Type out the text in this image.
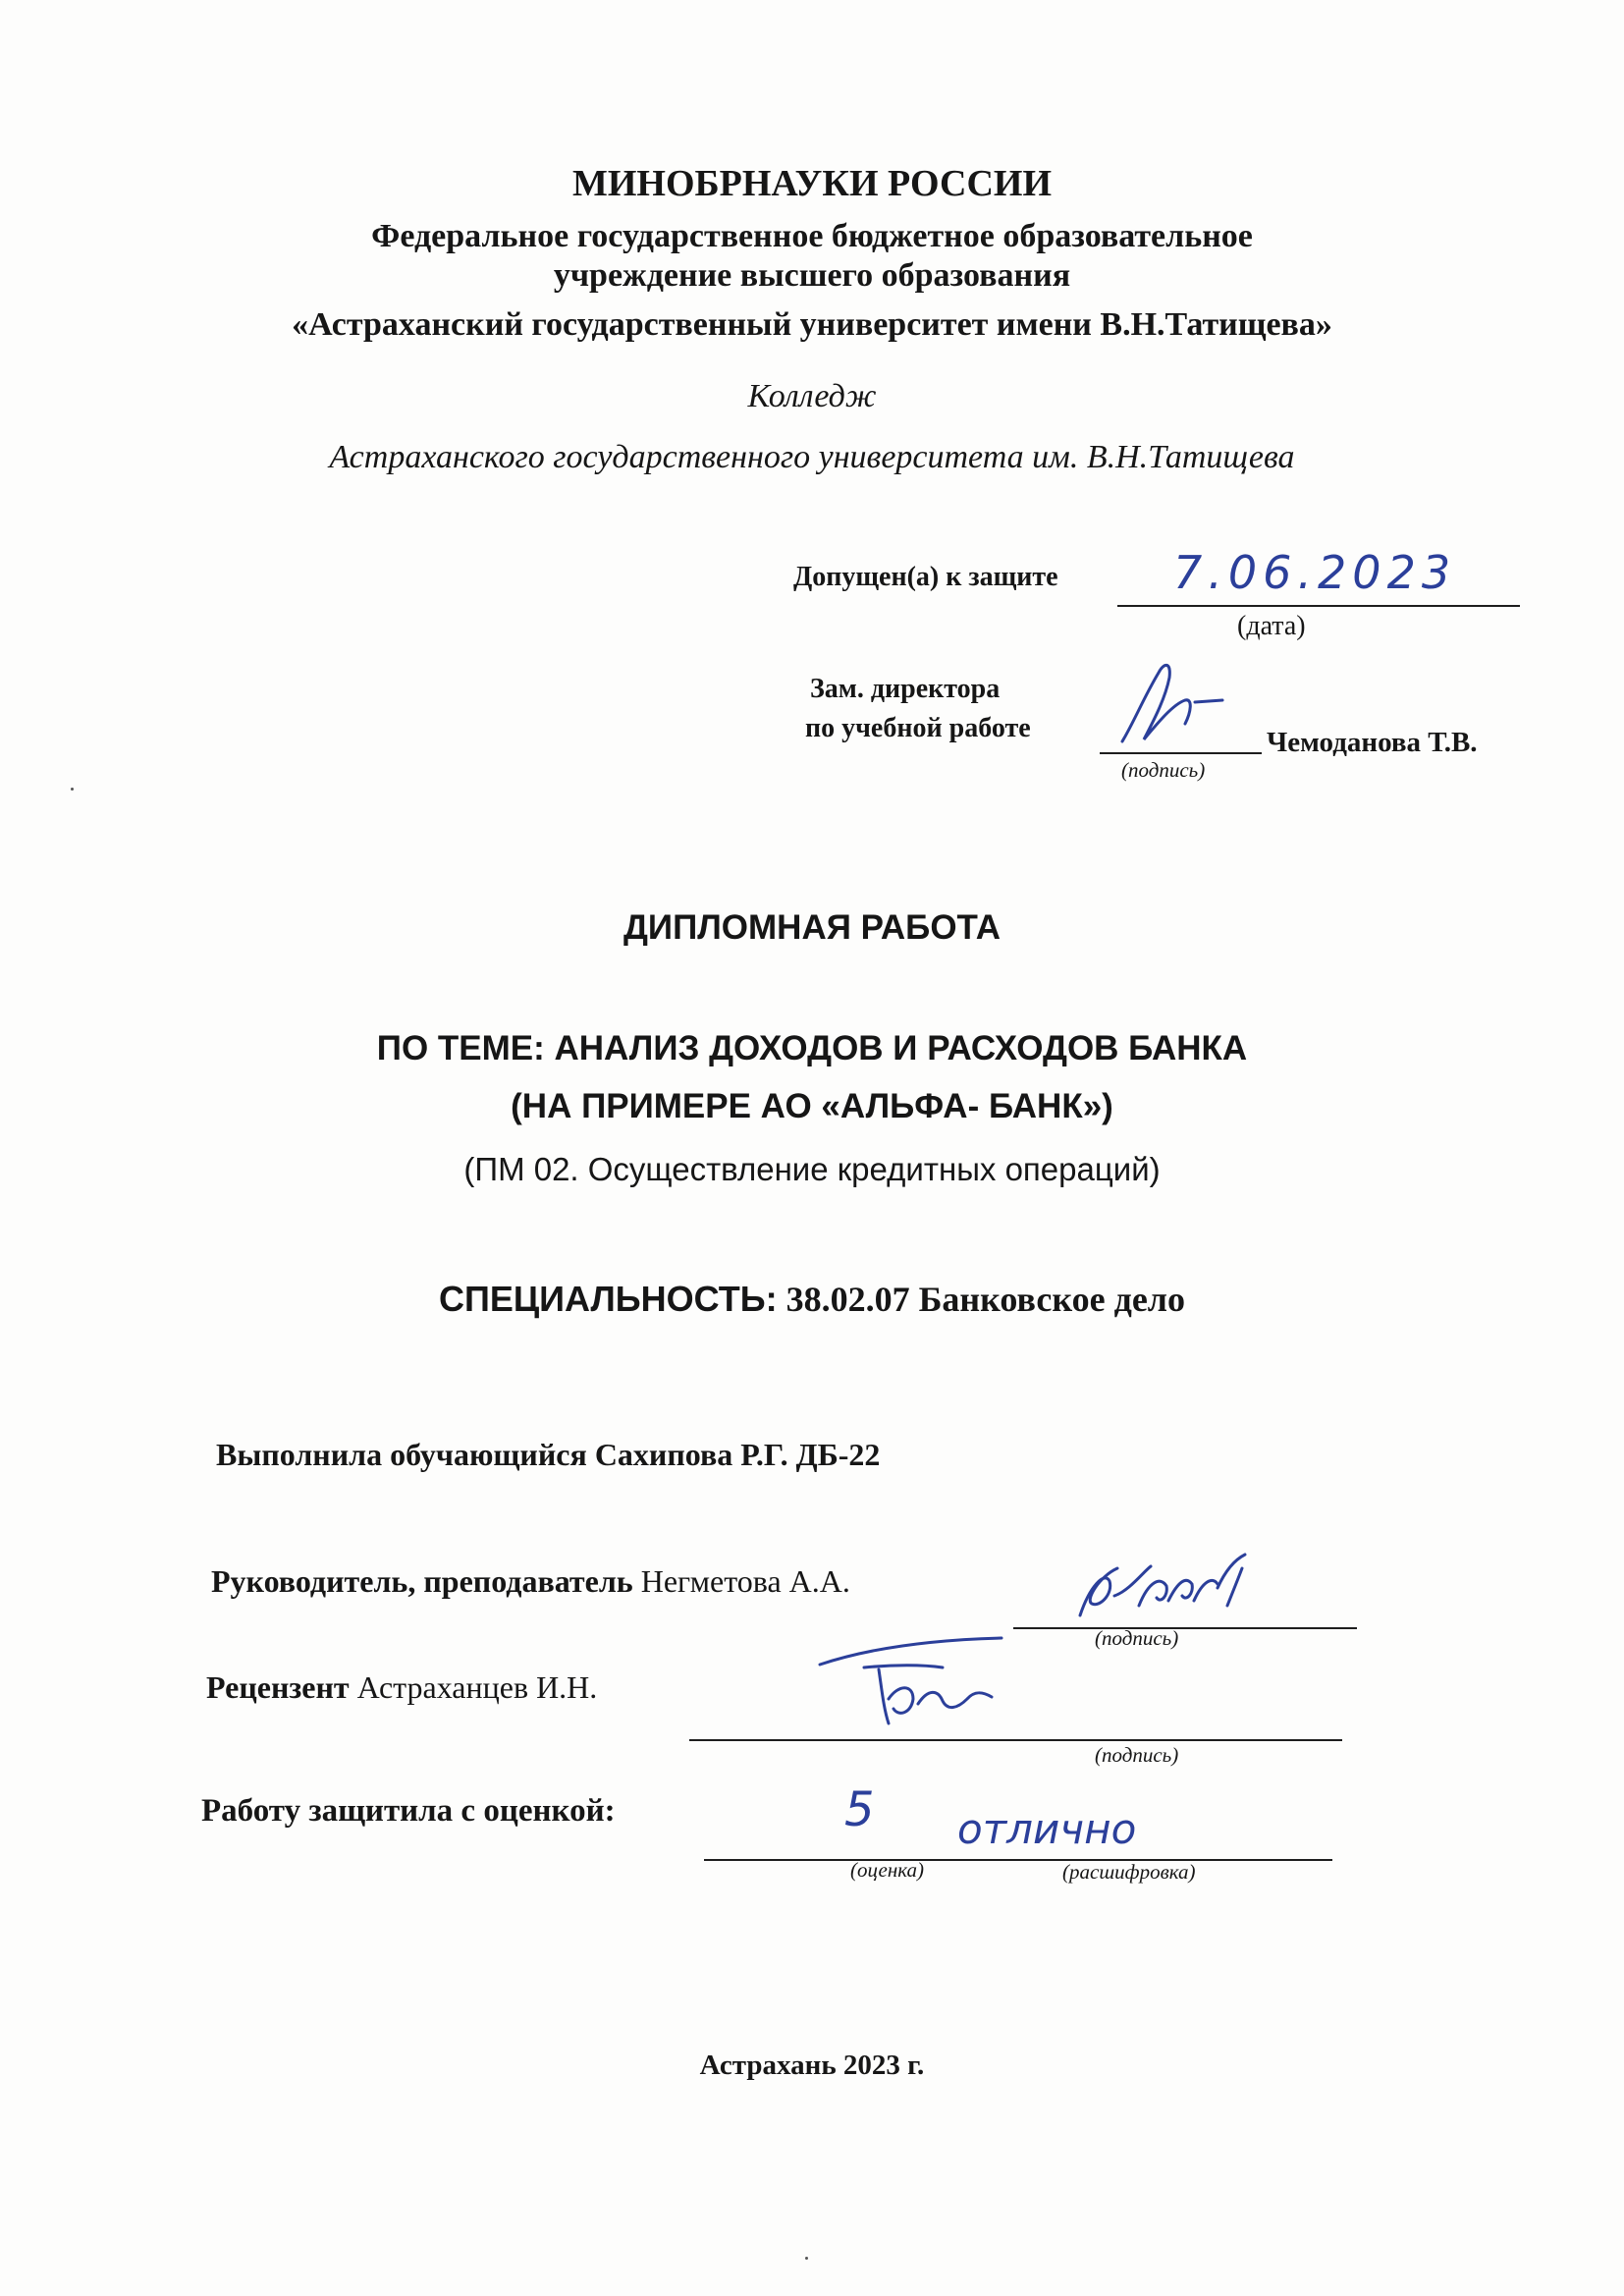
МИНОБРНАУКИ РОССИИ
Федеральное государственное бюджетное образовательное
учреждение высшего образования
«Астраханский государственный университет имени В.Н.Татищева»
Колледж
Астраханского государственного университета им. В.Н.Татищева
Допущен(а) к защите	7.06.2023
(дата)
Зам. директора
по учебной работе	Чемоданова Т.В.
(подпись)
ДИПЛОМНАЯ РАБОТА
ПО ТЕМЕ: АНАЛИЗ ДОХОДОВ И РАСХОДОВ БАНКА
(НА ПРИМЕРЕ АО «АЛЬФА- БАНК»)
(ПМ 02. Осуществление кредитных операций)
СПЕЦИАЛЬНОСТЬ: 38.02.07 Банковское дело
Выполнила обучающийся Сахипова Р.Г. ДБ-22
Руководитель, преподаватель Негметова А.А.
(подпись)
Рецензент Астраханцев И.Н.
(подпись)
Работу защитила с оценкой:	5 отлично
(оценка)	(расшифровка)
Астрахань 2023 г.
